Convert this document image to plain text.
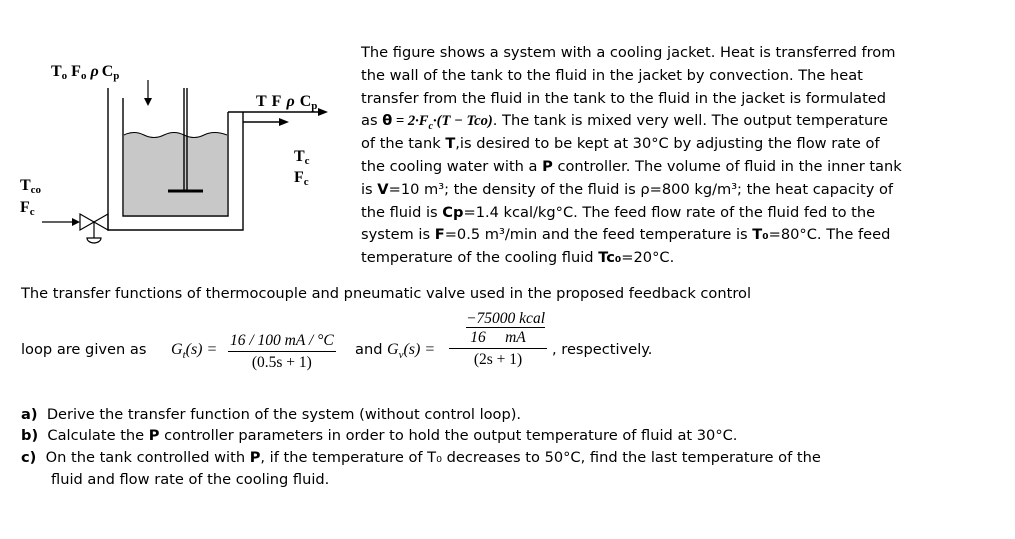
To Fo ρ Cp
T F ρ Cp
Tc
Fc
Tco
Fc
The figure shows a system with a cooling jacket. Heat is transferred from
the wall of the tank to the fluid in the jacket by convection. The heat
transfer from the fluid in the tank to the fluid in the jacket is formulated
as $\theta = 2\cdot F_c\cdot(T - Tco)$. The tank is mixed very well. The output temperature
of the tank T,is desired to be kept at 30°C by adjusting the flow rate of
the cooling water with a P controller. The volume of fluid in the inner tank
is V=10 m³; the density of the fluid is ρ=800 kg/m³; the heat capacity of
the fluid is Cp=1.4 kcal/kg°C. The feed flow rate of the fluid fed to the
system is F=0.5 m³/min and the feed temperature is T₀=80°C. The feed
temperature of the cooling fluid Tc₀=20°C.
The transfer functions of thermocouple and pneumatic valve used in the proposed feedback control
loop are given as $G_t(s)$ =
16 / 100 mA / °C
(0.5s + 1)
and $G_v(s)$ =
−75000 kcal
16     mA
(2s + 1)
, respectively.
a) Derive the transfer function of the system (without control loop).
b) Calculate the P controller parameters in order to hold the output temperature of fluid at 30°C.
c) On the tank controlled with P, if the temperature of T₀ decreases to 50°C, find the last temperature of the
fluid and flow rate of the cooling fluid.
